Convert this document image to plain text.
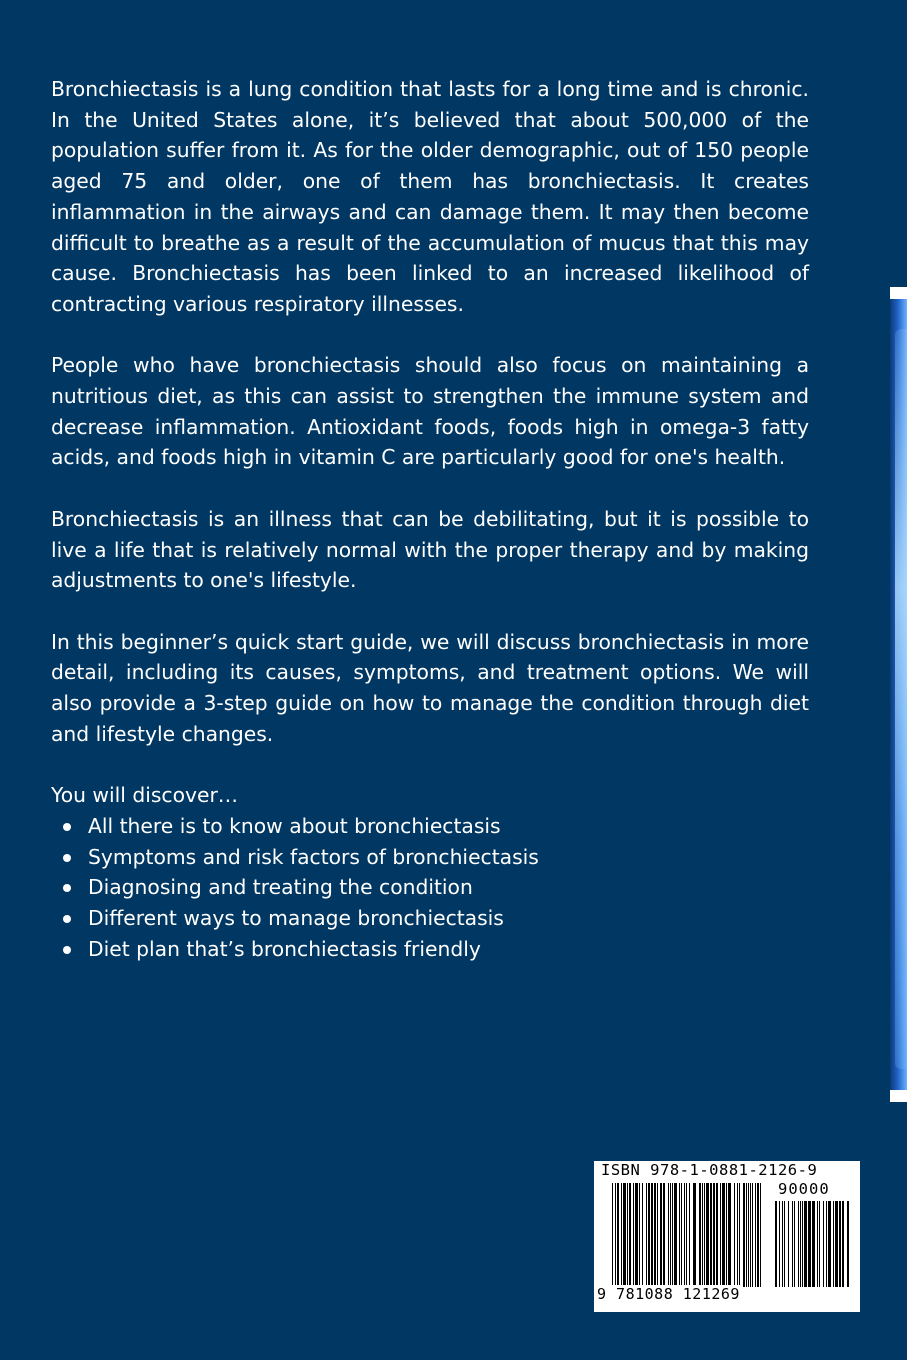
Bronchiectasis is a lung condition that lasts for a long time and is chronic. In the United States alone, it’s believed that about 500,000 of the population suffer from it. As for the older demographic, out of 150 people aged 75 and older, one of them has bronchiectasis. It creates inflammation in the airways and can damage them. It may then become difficult to breathe as a result of the accumulation of mucus that this may cause. Bronchiectasis has been linked to an increased likelihood of contracting various respiratory illnesses.

People who have bronchiectasis should also focus on maintaining a nutritious diet, as this can assist to strengthen the immune system and decrease inflammation. Antioxidant foods, foods high in omega-3 fatty acids, and foods high in vitamin C are particularly good for one's health.

Bronchiectasis is an illness that can be debilitating, but it is possible to live a life that is relatively normal with the proper therapy and by making adjustments to one's lifestyle.

In this beginner’s quick start guide, we will discuss bronchiectasis in more detail, including its causes, symptoms, and treatment options. We will also provide a 3-step guide on how to manage the condition through diet and lifestyle changes.

You will discover…

All there is to know about bronchiectasis
Symptoms and risk factors of bronchiectasis
Diagnosing and treating the condition
Different ways to manage bronchiectasis
Diet plan that’s bronchiectasis friendly
ISBN 978-1-0881-2126-9
90000
9 781088 121269
